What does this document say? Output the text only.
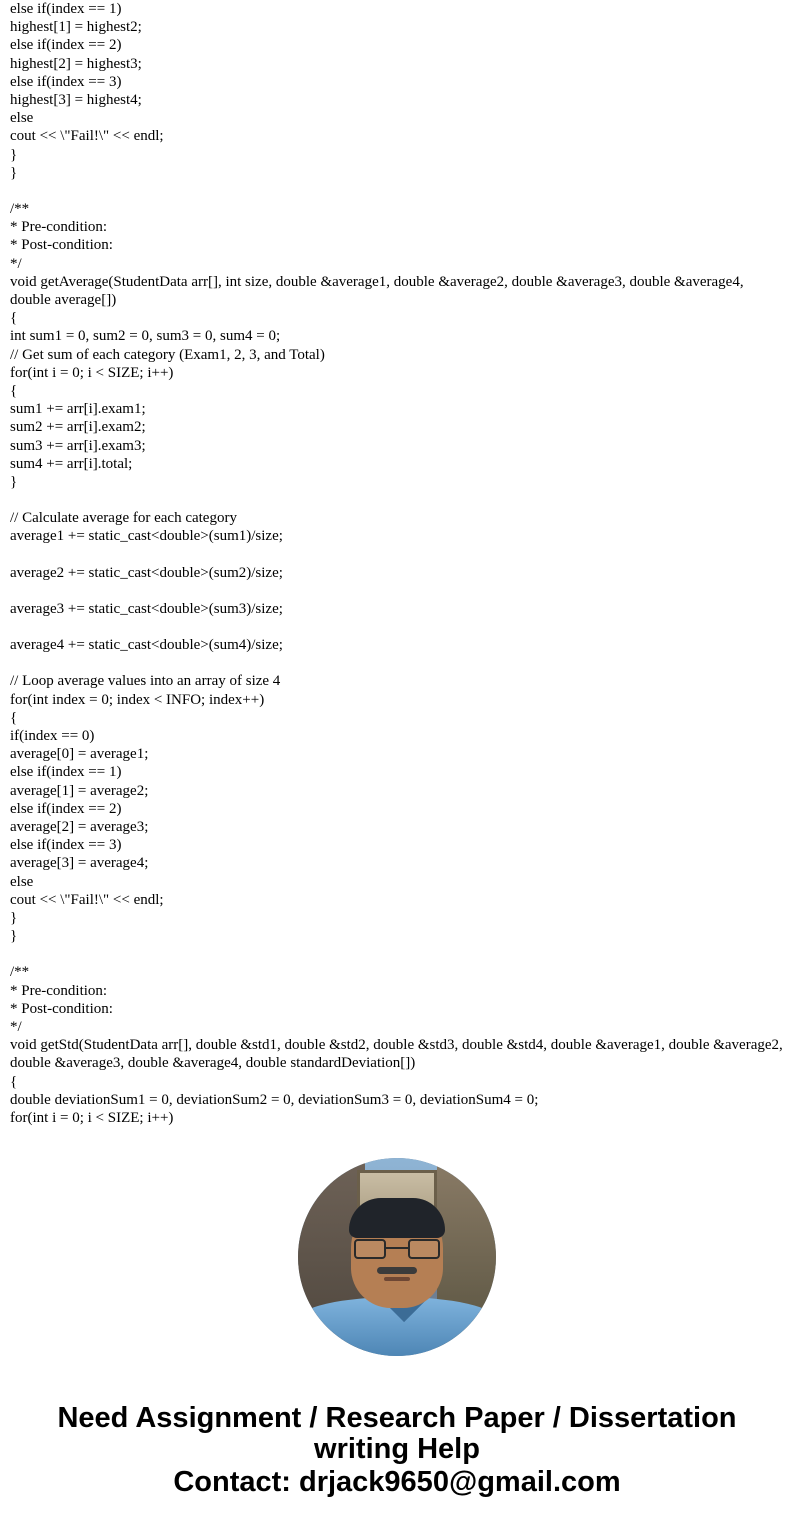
else if(index == 1)
highest[1] = highest2;
else if(index == 2)
highest[2] = highest3;
else if(index == 3)
highest[3] = highest4;
else
cout << \"Fail!\" << endl;
}
}
/**
* Pre-condition:
* Post-condition:
*/
void getAverage(StudentData arr[], int size, double &average1, double &average2, double &average3, double &average4, double average[])
{
int sum1 = 0, sum2 = 0, sum3 = 0, sum4 = 0;
// Get sum of each category (Exam1, 2, 3, and Total)
for(int i = 0; i < SIZE; i++)
{
sum1 += arr[i].exam1;
sum2 += arr[i].exam2;
sum3 += arr[i].exam3;
sum4 += arr[i].total;
}
// Calculate average for each category
average1 += static_cast<double>(sum1)/size;
average2 += static_cast<double>(sum2)/size;
average3 += static_cast<double>(sum3)/size;
average4 += static_cast<double>(sum4)/size;
// Loop average values into an array of size 4
for(int index = 0; index < INFO; index++)
{
if(index == 0)
average[0] = average1;
else if(index == 1)
average[1] = average2;
else if(index == 2)
average[2] = average3;
else if(index == 3)
average[3] = average4;
else
cout << \"Fail!\" << endl;
}
}
/**
* Pre-condition:
* Post-condition:
*/
void getStd(StudentData arr[], double &std1, double &std2, double &std3, double &std4, double &average1, double &average2, double &average3, double &average4, double standardDeviation[])
{
double deviationSum1 = 0, deviationSum2 = 0, deviationSum3 = 0, deviationSum4 = 0;
for(int i = 0; i < SIZE; i++)
Need Assignment / Research Paper / Dissertation writing Help
Contact: drjack9650@gmail.com
